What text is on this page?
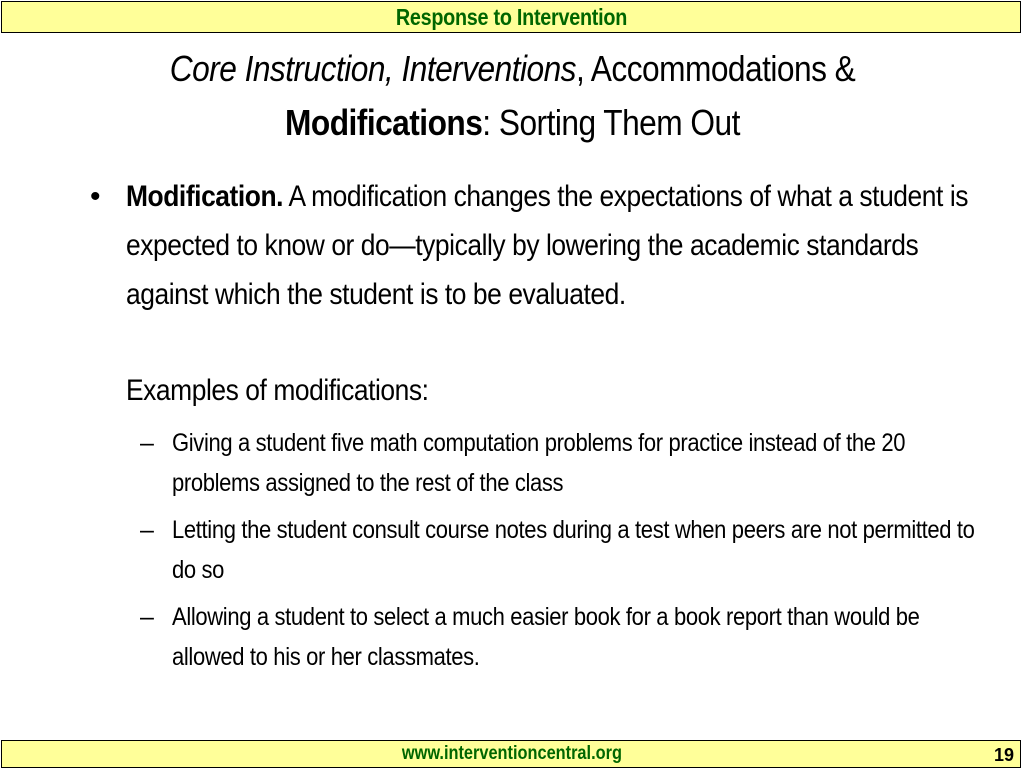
Response to Intervention
Core Instruction, Interventions, Accommodations &
Modifications: Sorting Them Out
• Modification. A modification changes the expectations of what a student is expected to know or do—typically by lowering the academic standards against which the student is to be evaluated.
Examples of modifications:
– Giving a student five math computation problems for practice instead of the 20 problems assigned to the rest of the class
– Letting the student consult course notes during a test when peers are not permitted to do so
– Allowing a student to select a much easier book for a book report than would be allowed to his or her classmates.
www.interventioncentral.org	19
